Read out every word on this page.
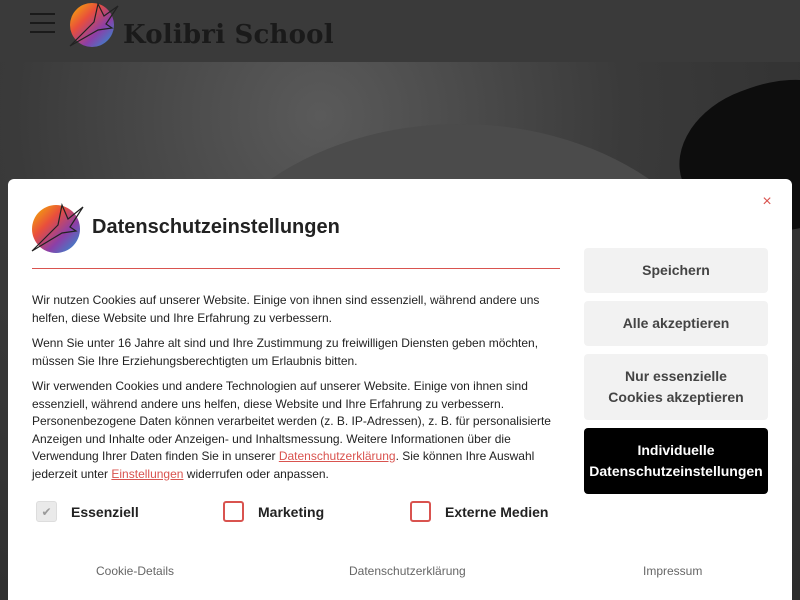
Kolibri School
×
Datenschutzeinstellungen

Wir nutzen Cookies auf unserer Website. Einige von ihnen sind essenziell, während andere uns helfen, diese Website und Ihre Erfahrung zu verbessern.

Wenn Sie unter 16 Jahre alt sind und Ihre Zustimmung zu freiwilligen Diensten geben möchten, müssen Sie Ihre Erziehungsberechtigten um Erlaubnis bitten.

Wir verwenden Cookies und andere Technologien auf unserer Website. Einige von ihnen sind essenziell, während andere uns helfen, diese Website und Ihre Erfahrung zu verbessern. Personenbezogene Daten können verarbeitet werden (z. B. IP-Adressen), z. B. für personalisierte Anzeigen und Inhalte oder Anzeigen- und Inhaltsmessung. Weitere Informationen über die Verwendung Ihrer Daten finden Sie in unserer Datenschutzerklärung. Sie können Ihre Auswahl jederzeit unter Einstellungen widerrufen oder anpassen.

✔	Essenziell	Marketing	Externe Medien
Speichern
Alle akzeptieren
Nur essenzielle
Cookies akzeptieren
Individuelle
Datenschutzeinstellungen
Cookie-Details	Datenschutzerklärung	Impressum
